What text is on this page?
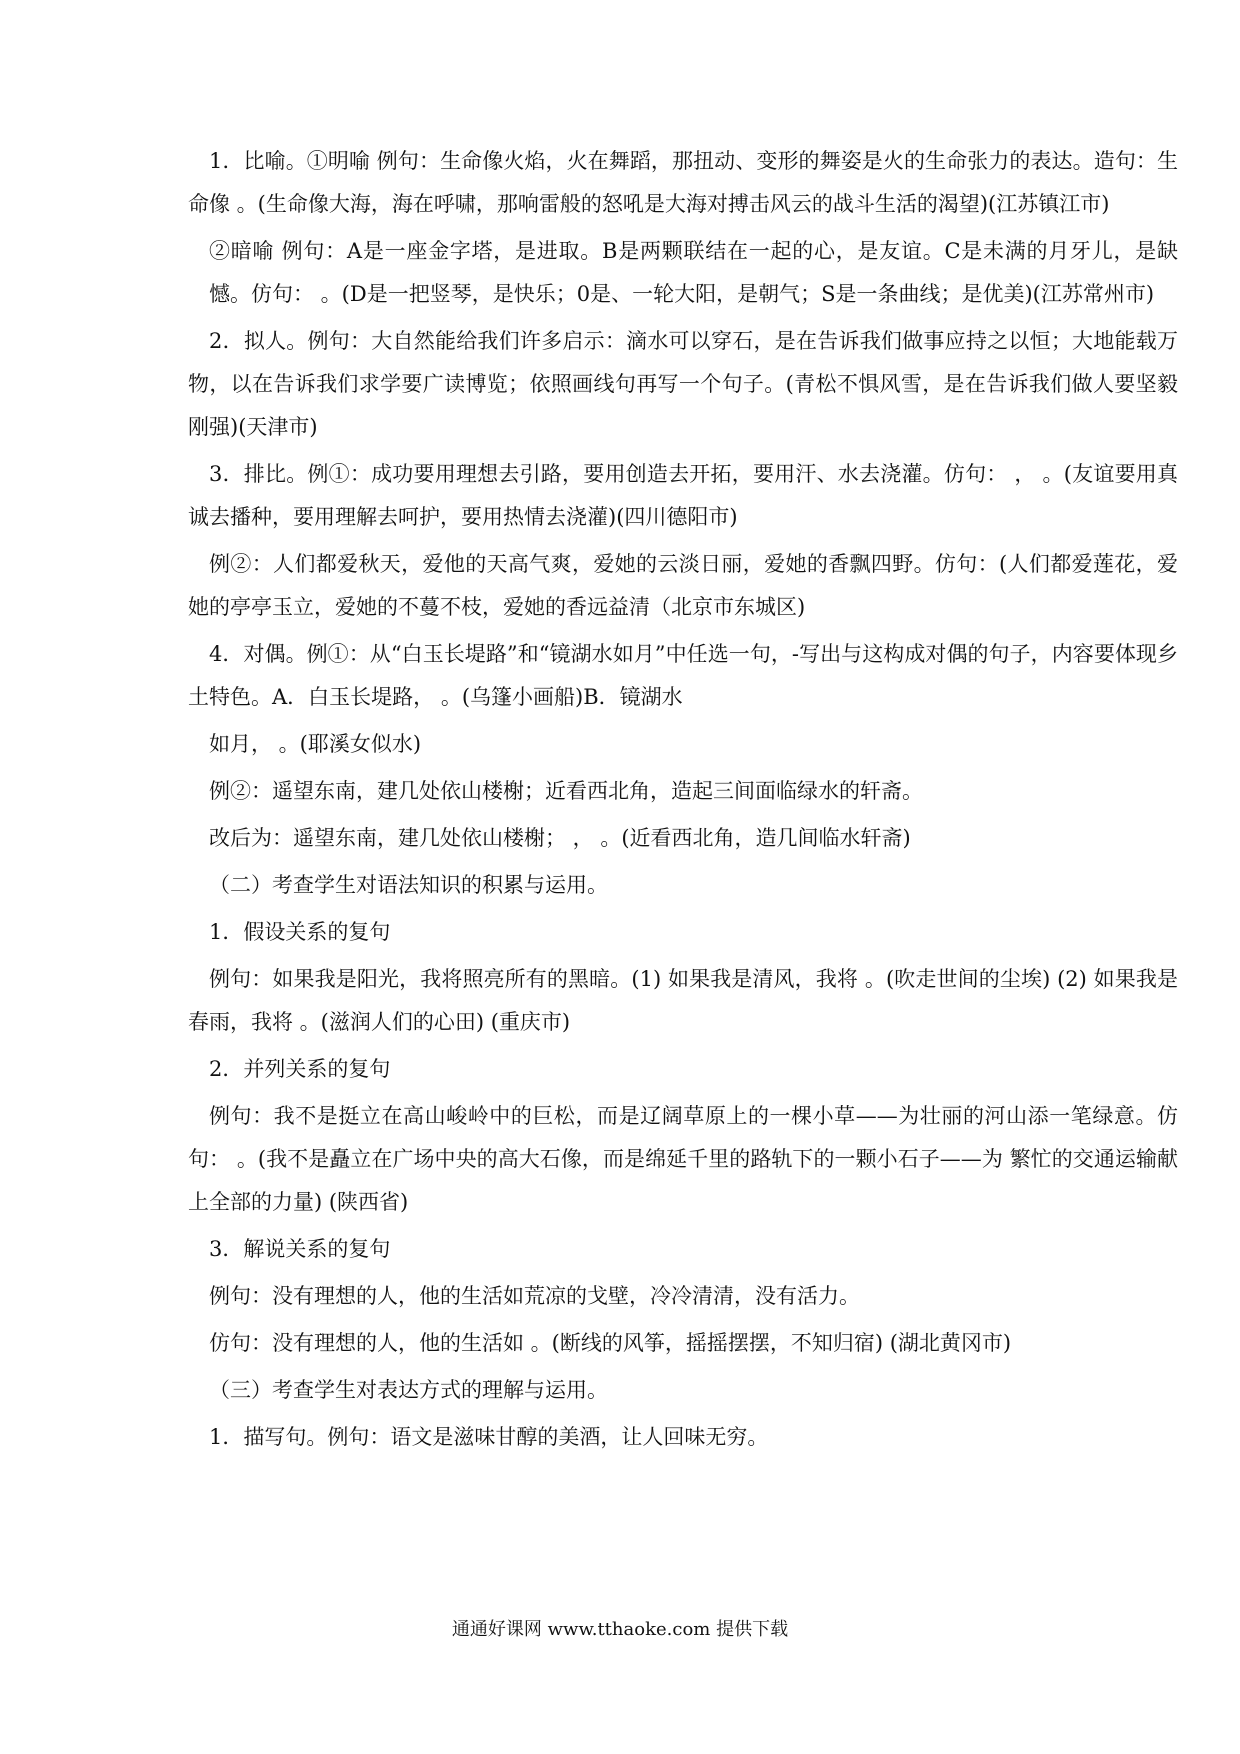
1．比喻。①明喻 例句：生命像火焰，火在舞蹈，那扭动、变形的舞姿是火的生命张力的表达。造句：生命像 。(生命像大海，海在呼啸，那响雷般的怒吼是大海对搏击风云的战斗生活的渴望)(江苏镇江市)

②暗喻 例句：A是一座金字塔，是进取。B是两颗联结在一起的心，是友谊。C是未满的月牙儿，是缺憾。仿句： 。(D是一把竖琴，是快乐；0是、一轮大阳，是朝气；S是一条曲线；是优美)(江苏常州市)

2．拟人。例句：大自然能给我们许多启示：滴水可以穿石，是在告诉我们做事应持之以恒；大地能载万物，以在告诉我们求学要广读博览；依照画线句再写一个句子。(青松不惧风雪，是在告诉我们做人要坚毅刚强)(天津市)

3．排比。例①：成功要用理想去引路，要用创造去开拓，要用汗、水去浇灌。仿句： ， 。(友谊要用真诚去播种，要用理解去呵护，要用热情去浇灌)(四川德阳市)

例②：人们都爱秋天，爱他的天高气爽，爱她的云淡日丽，爱她的香飘四野。仿句：(人们都爱莲花，爱她的亭亭玉立，爱她的不蔓不枝，爱她的香远益清（北京市东城区)

4．对偶。例①：从“白玉长堤路”和“镜湖水如月”中任选一句，-写出与这构成对偶的句子，内容要体现乡土特色。A．白玉长堤路， 。(乌篷小画船)B．镜湖水

如月， 。(耶溪女似水)

例②：遥望东南，建几处依山楼榭；近看西北角，造起三间面临绿水的轩斋。

改后为：遥望东南，建几处依山楼榭； ， 。(近看西北角，造几间临水轩斋)

（二）考查学生对语法知识的积累与运用。

1．假设关系的复句

例句：如果我是阳光，我将照亮所有的黑暗。(1) 如果我是清风，我将 。(吹走世间的尘埃) (2) 如果我是春雨，我将 。(滋润人们的心田) (重庆市)

2．并列关系的复句

例句：我不是挺立在高山峻岭中的巨松，而是辽阔草原上的一棵小草——为壮丽的河山添一笔绿意。仿句： 。(我不是矗立在广场中央的高大石像，而是绵延千里的路轨下的一颗小石子——为 繁忙的交通运输献上全部的力量) (陕西省)

3．解说关系的复句

例句：没有理想的人，他的生活如荒凉的戈壁，冷冷清清，没有活力。

仿句：没有理想的人，他的生活如 。(断线的风筝，摇摇摆摆，不知归宿) (湖北黄冈市)

（三）考查学生对表达方式的理解与运用。

1．描写句。例句：语文是滋味甘醇的美酒，让人回味无穷。

通通好课网 www.tthaoke.com 提供下载
